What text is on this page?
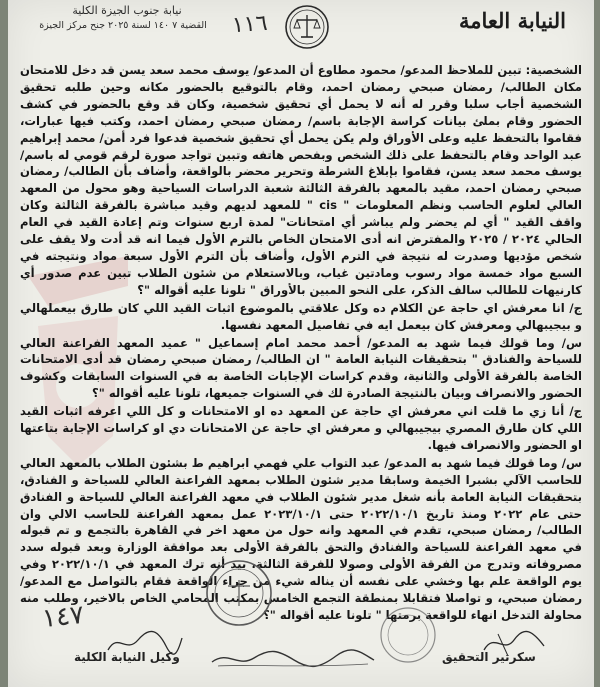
نيابة جنوب الجيزة الكلية
القضية ٧ ١٤٠ لسنة ٢٠٢٥ جنح مركز الجيزة	١١٦	النيابة العامة

الشخصية: تبين للملاحظ المدعو/ محمود مطاوع أن المدعو/ يوسف محمد سعد يسن قد دخل للامتحان مكان الطالب/ رمضان صبحي رمضان احمد، وقام بالتوقيع بالحضور مكانه وحين طلبه تحقيق الشخصية أجاب سلبا وقرر له أنه لا يحمل أي تحقيق شخصية، وكان قد وقع بالحضور في كشف الحضور وقام بملئ بيانات كراسة الإجابة باسم/ رمضان صبحي رمضان احمد، وكتب فيها عبارات، فقاموا بالتحفظ عليه وعلى الأوراق ولم يكن يحمل أي تحقيق شخصية فدعوا فرد أمن/ محمد إبراهيم عبد الواحد وقام بالتحفظ على ذلك الشخص وبفحص هاتفه وتبين تواجد صورة لرقم قومي له باسم/ يوسف محمد سعد يسن، فقاموا بإبلاغ الشرطة وتحرير محضر بالواقعة، وأضاف بأن الطالب/ رمضان صبحي رمضان احمد، مقيد بالمعهد بالفرقة الثالثة شعبة الدراسات السياحية وهو محول من المعهد العالي لعلوم الحاسب ونظم المعلومات " cis " للمعهد لديهم وقيد مباشرة بالفرقة الثالثة وكان واقف القيد " أي لم يحضر ولم يباشر أي امتحانات" لمدة اربع سنوات وتم إعادة القيد في العام الحالي ٢٠٢٤ / ٢٠٢٥ والمفترض انه أدى الامتحان الخاص بالترم الأول فيما انه قد أدت ولا يقف على شخص مؤديها وصدرت له نتيجة في الترم الأول، وأضاف بأن الترم الأول سبعة مواد ونتيجته في السبع مواد خمسة مواد رسوب ومادتين غياب، وبالاستعلام من شئون الطلاب تبين عدم صدور أي كارنيهات للطالب سالف الذكر، على النحو المبين بالأوراق " تلونا عليه أقواله "؟

ج/ انا معرفش اي حاجة عن الكلام ده وكل علاقتي بالموضوع اثبات القيد اللي كان طارق بيعملهالي و بيجيبهالي ومعرفش كان بيعمل ايه في تفاصيل المعهد نفسها.

س/ وما قولك فيما شهد به المدعو/ أحمد محمد امام إسماعيل " عميد المعهد الفراعنة العالي للسياحة والفنادق " بتحقيقات النيابة العامة " ان الطالب/ رمضان صبحي رمضان قد أدى الامتحانات الخاصة بالفرقة الأولى والثانية، وقدم كراسات الإجابات الخاصة به في السنوات السابقات وكشوف الحضور والانصراف وبيان بالنتيجة الصادرة لك في السنوات جميعها، تلونا عليه أقواله "؟

ج/ أنا زي ما قلت اني معرفش اي حاجة عن المعهد ده او الامتحانات و كل اللي اعرفه اثبات القيد اللي كان طارق المصري بيجيبهالي و معرفش اي حاجة عن الامتحانات دي او كراسات الإجابة بتاعتها او الحضور والانصراف فيها.

س/ وما قولك فيما شهد به المدعو/ عبد التواب علي فهمي ابراهيم ط بشئون الطلاب بالمعهد العالي للحاسب الآلي بشبرا الخيمة وسابقا مدير شئون الطلاب بمعهد الفراعنة العالي للسياحة و الفنادق، بتحقيقات النيابة العامة بأنه شغل مدير شئون الطلاب في معهد الفراعنة العالي للسياحة و الفنادق حتى عام ٢٠٢٢ ومنذ تاريخ ٢٠٢٢/١٠/١ حتى ٢٠٢٣/١٠/١ عمل بمعهد الفراعنة للحاسب الالي وان الطالب/ رمضان صبحي، تقدم في المعهد وانه حول من معهد اخر في القاهرة بالتجمع و تم قبوله في معهد الفراعنة للسياحة والفنادق والتحق بالفرقة الأولى بعد موافقة الوزارة وبعد قبوله سدد مصروفاته وتدرج من الفرقة الأولى وصولا للفرقة الثالثة، بيد أنه ترك المعهد في ٢٠٢٢/١٠/١ وفي يوم الواقعة علم بها وخشي على نفسه أن يناله شيء من جراء الواقعة فقام بالتواصل مع المدعو/ رمضان صبحي، و تواصلا فتقابلا بمنطقة التجمع الخامس بمكتب المحامي الخاص بالاخير، وطلب منه محاولة التدخل انهاء للواقعة برمتها " تلونا عليه أقواله "؟

١٤٧
وكيل النيابة الكلية	سكرتير التحقيق
